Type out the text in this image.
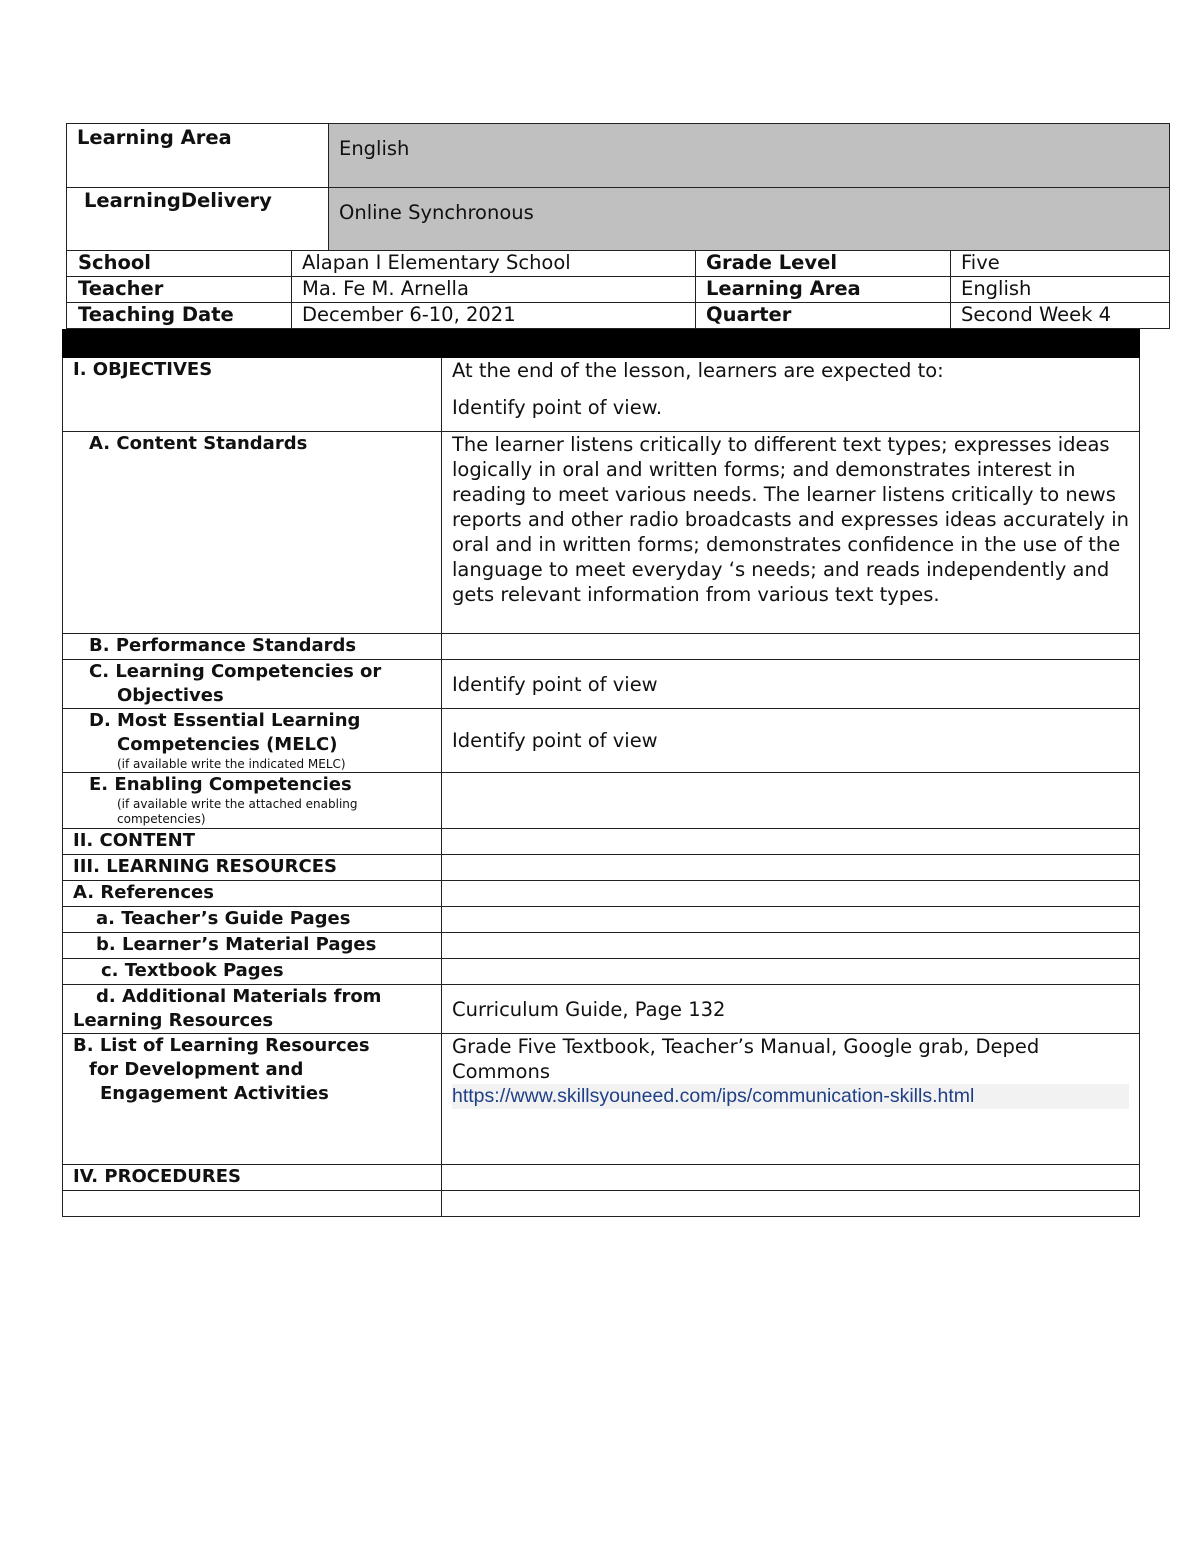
Learning Area		English		
LearningDelivery		Online Synchronous		
School	Alapan I Elementary School		Grade Level	Five
Teacher	Ma. Fe M. Arnella		Learning Area	English
Teaching Date	December 6-10, 2021		Quarter	Second Week 4

I. OBJECTIVES	At the end of the lesson, learners are expected to:
Identify point of view.

A. Content Standards	The learner listens critically to different text types; expresses ideas logically in oral and written forms; and demonstrates interest in reading to meet various needs. The learner listens critically to news reports and other radio broadcasts and expresses ideas accurately in oral and in written forms; demonstrates confidence in the use of the language to meet everyday ‘s needs; and reads independently and gets relevant information from various text types.
B. Performance Standards	

C. Learning Competencies or
Objectives	Identify point of view

D. Most Essential Learning
Competencies (MELC)
(if available write the indicated MELC)	Identify point of view

E. Enabling Competencies
(if available write the attached enabling competencies)	

II. CONTENT	
III. LEARNING RESOURCES	
A. References	
a. Teacher’s Guide Pages	
b. Learner’s Material Pages	
c. Textbook Pages	

d. Additional Materials from
Learning Resources	Curriculum Guide, Page 132

B. List of Learning Resources
for Development and
Engagement Activities	Grade Five Textbook, Teacher’s Manual, Google grab, Deped Commons
https://www.skillsyouneed.com/ips/communication-skills.html

IV. PROCEDURES	
